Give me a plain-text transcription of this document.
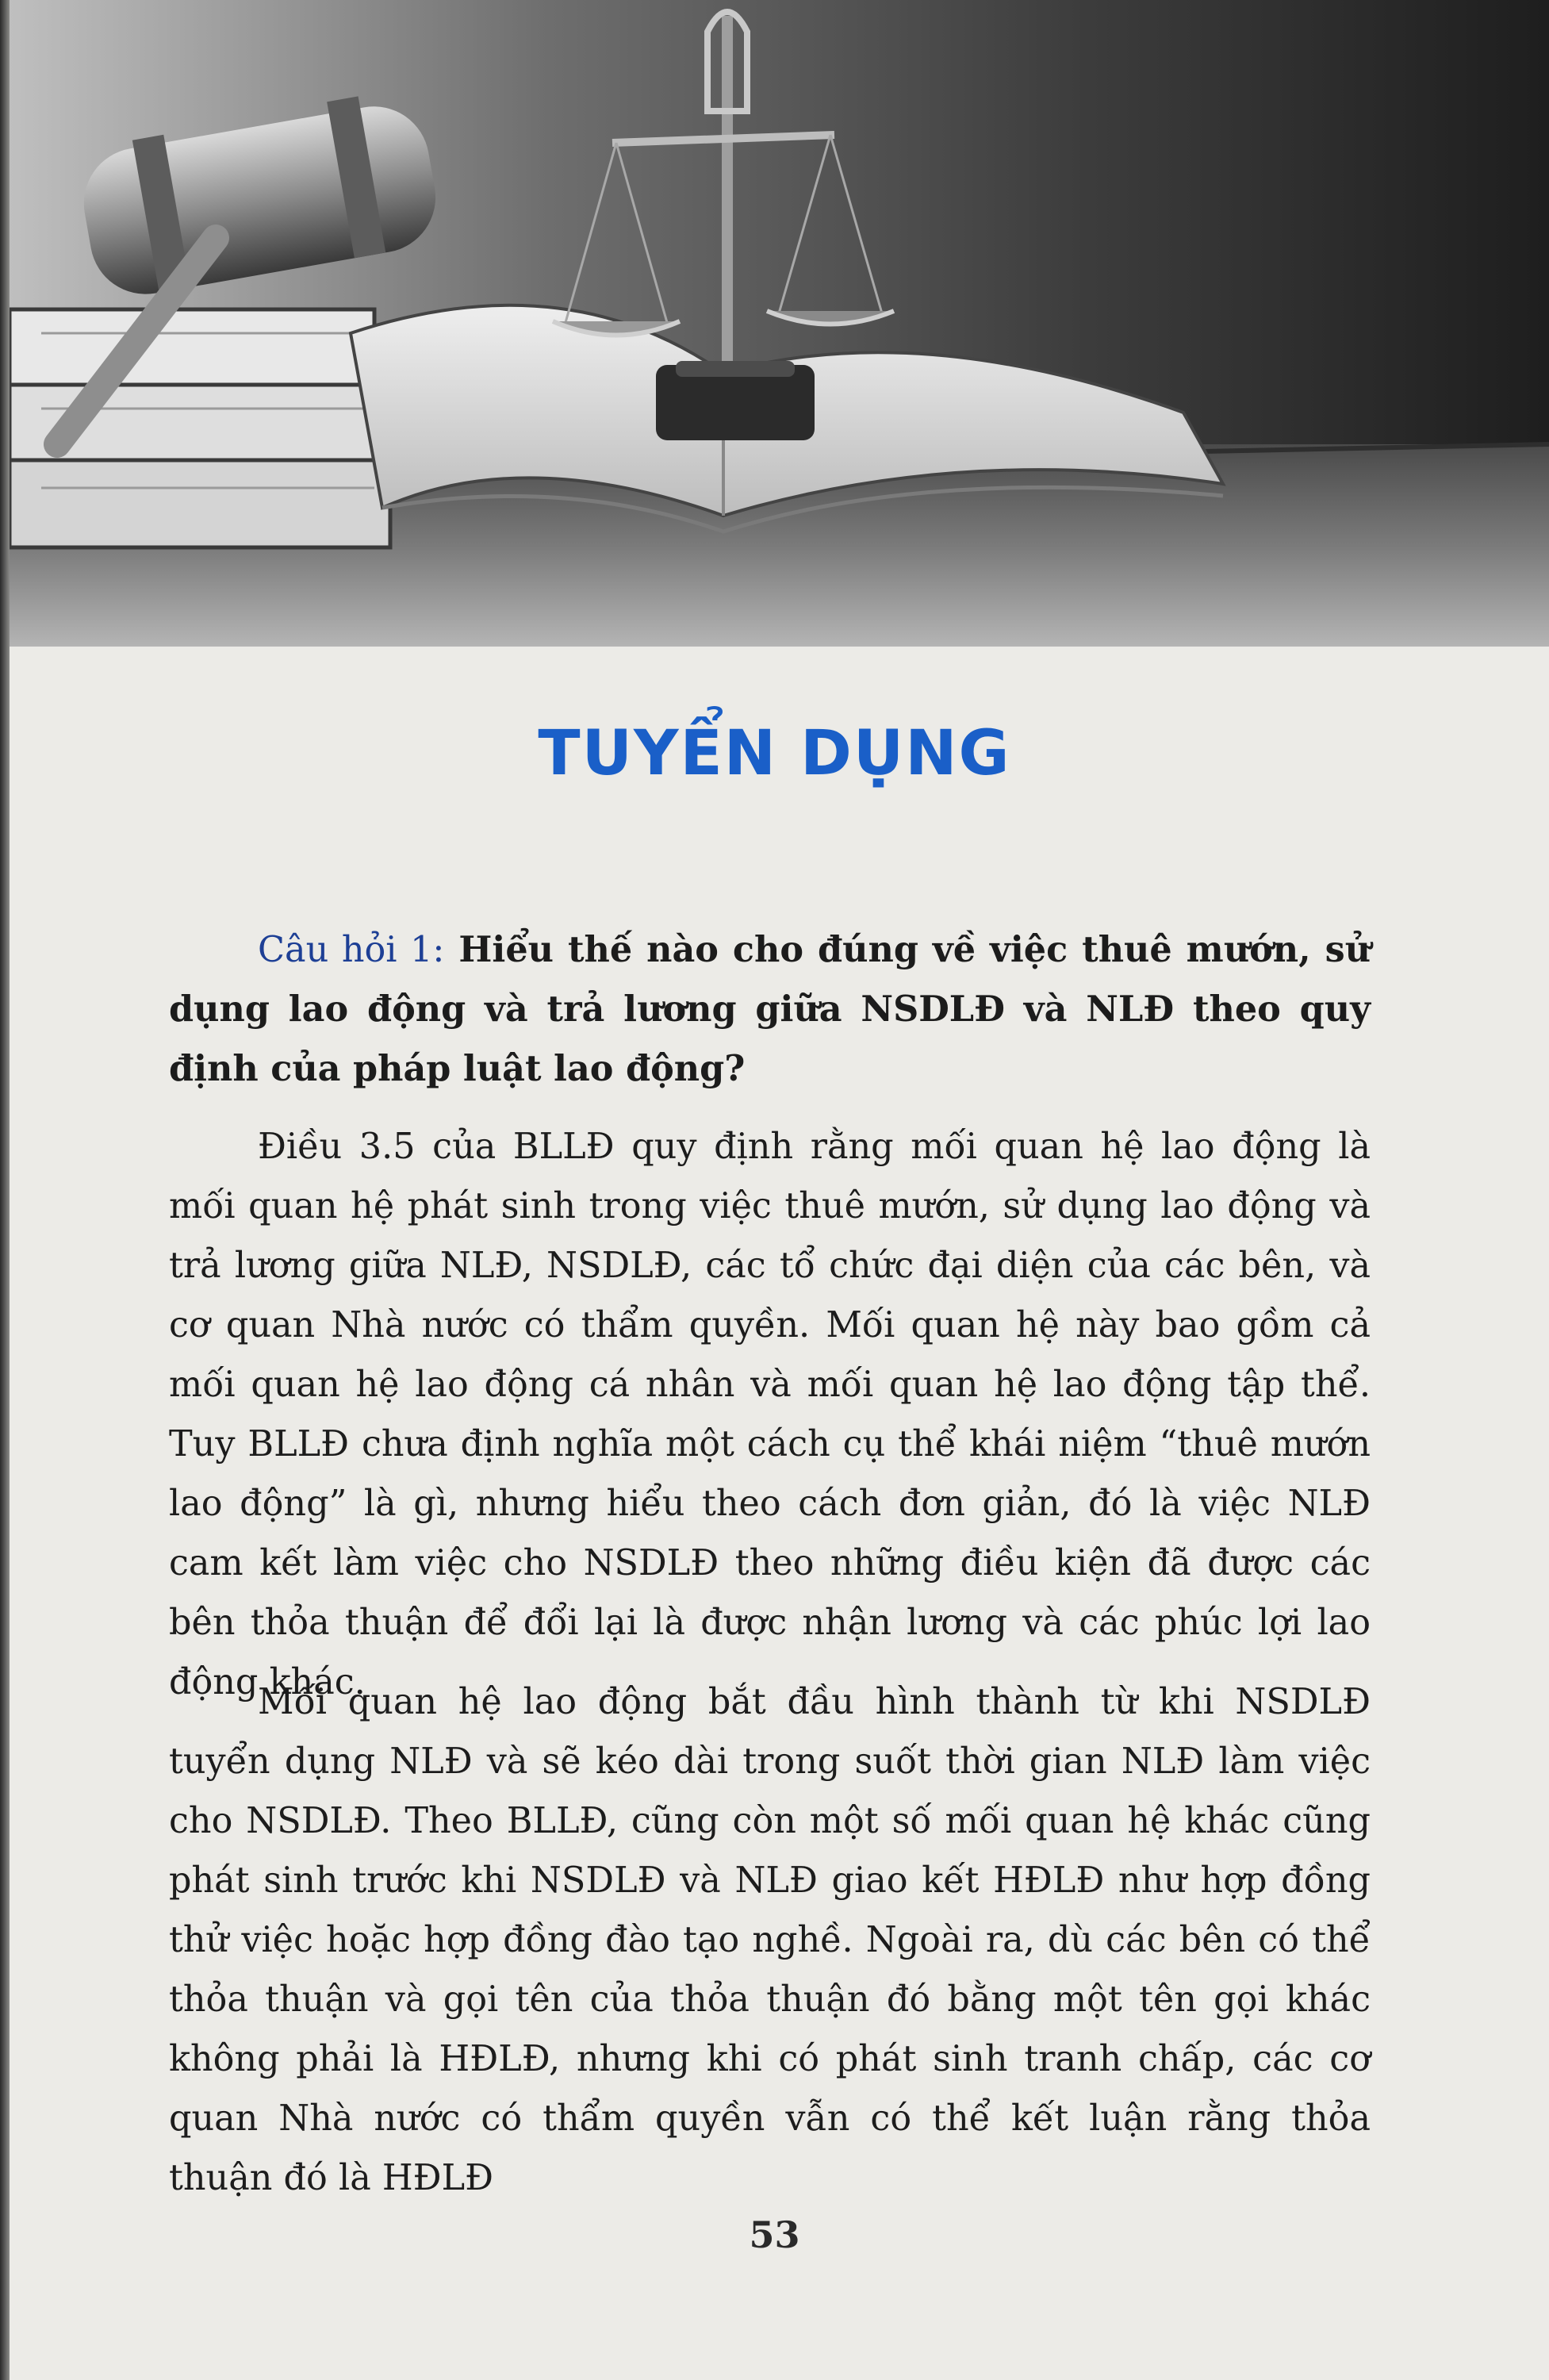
TUYỂN DỤNG

Câu hỏi 1: Hiểu thế nào cho đúng về việc thuê mướn, sử dụng lao động và trả lương giữa NSDLĐ và NLĐ theo quy định của pháp luật lao động?

Điều 3.5 của BLLĐ quy định rằng mối quan hệ lao động là mối quan hệ phát sinh trong việc thuê mướn, sử dụng lao động và trả lương giữa NLĐ, NSDLĐ, các tổ chức đại diện của các bên, và cơ quan Nhà nước có thẩm quyền. Mối quan hệ này bao gồm cả mối quan hệ lao động cá nhân và mối quan hệ lao động tập thể. Tuy BLLĐ chưa định nghĩa một cách cụ thể khái niệm “thuê mướn lao động” là gì, nhưng hiểu theo cách đơn giản, đó là việc NLĐ cam kết làm việc cho NSDLĐ theo những điều kiện đã được các bên thỏa thuận để đổi lại là được nhận lương và các phúc lợi lao động khác.

Mối quan hệ lao động bắt đầu hình thành từ khi NSDLĐ tuyển dụng NLĐ và sẽ kéo dài trong suốt thời gian NLĐ làm việc cho NSDLĐ. Theo BLLĐ, cũng còn một số mối quan hệ khác cũng phát sinh trước khi NSDLĐ và NLĐ giao kết HĐLĐ như hợp đồng thử việc hoặc hợp đồng đào tạo nghề. Ngoài ra, dù các bên có thể thỏa thuận và gọi tên của thỏa thuận đó bằng một tên gọi khác không phải là HĐLĐ, nhưng khi có phát sinh tranh chấp, các cơ quan Nhà nước có thẩm quyền vẫn có thể kết luận rằng thỏa thuận đó là HĐLĐ

53
